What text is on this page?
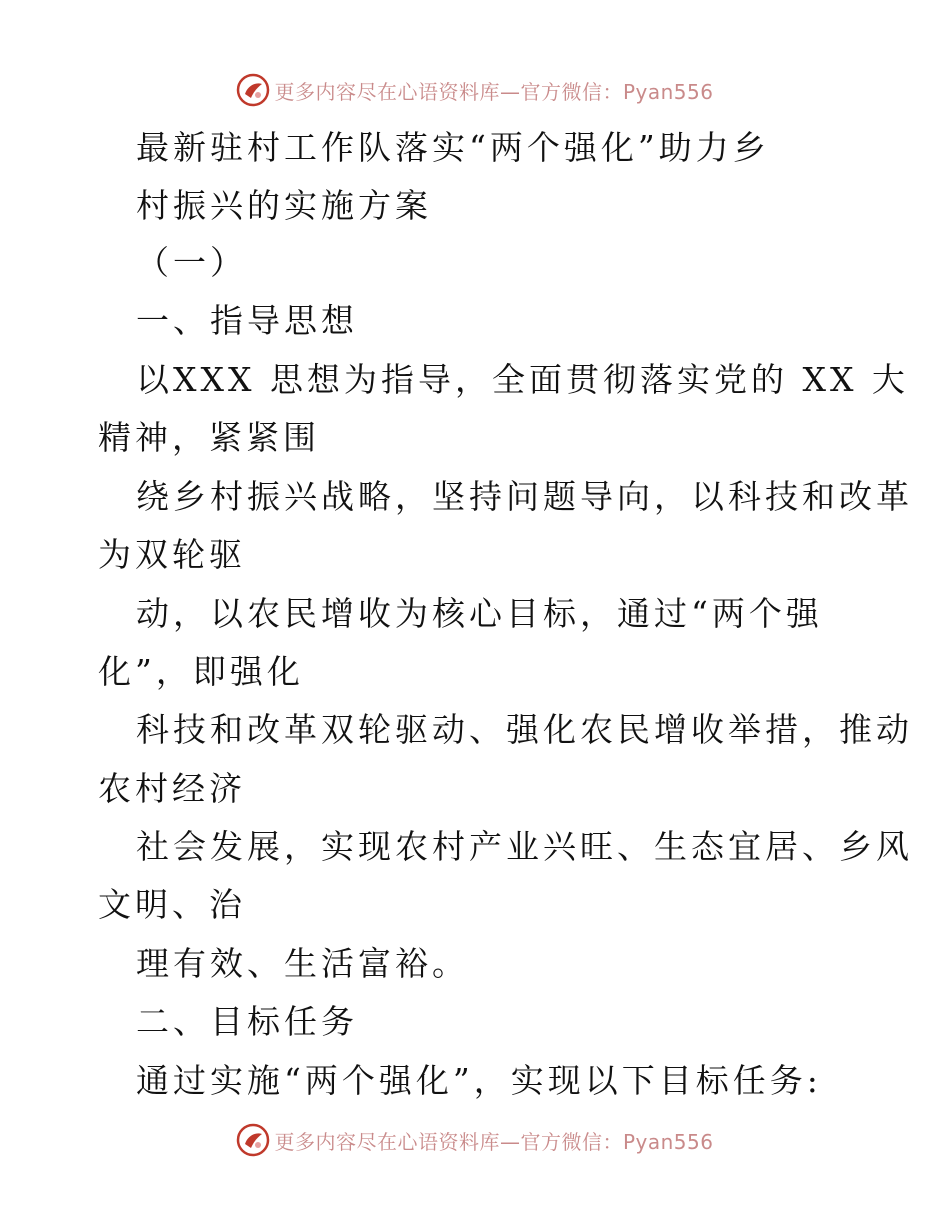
更多内容尽在心语资料库—官方微信：Pyan556
最新驻村工作队落实“两个强化”助力乡
村振兴的实施方案
（一）
一、指导思想
以XXX 思想为指导，全面贯彻落实党的 XX 大
精神，紧紧围
绕乡村振兴战略，坚持问题导向，以科技和改革
为双轮驱
动，以农民增收为核心目标，通过“两个强
化”，即强化
科技和改革双轮驱动、强化农民增收举措，推动
农村经济
社会发展，实现农村产业兴旺、生态宜居、乡风
文明、治
理有效、生活富裕。
二、目标任务
通过实施“两个强化”，实现以下目标任务:
更多内容尽在心语资料库—官方微信：Pyan556
